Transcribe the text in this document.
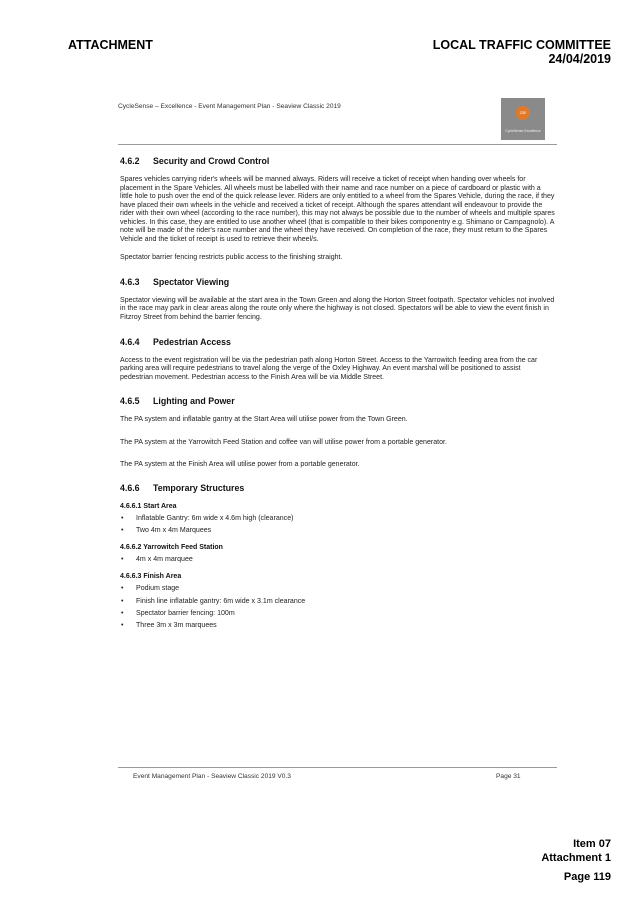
ATTACHMENT	LOCAL TRAFFIC COMMITTEE
24/04/2019
CycleSense – Excellence - Event Management Plan - Seaview Classic 2019
CSE
CycleSense Excellence
4.6.2 Security and Crowd Control

Spares vehicles carrying rider's wheels will be manned always. Riders will receive a ticket of receipt when handing over wheels for placement in the Spare Vehicles. All wheels must be labelled with their name and race number on a piece of cardboard or plastic with a little hole to push over the end of the quick release lever. Riders are only entitled to a wheel from the Spares Vehicle, during the race, if they have placed their own wheels in the vehicle and received a ticket of receipt. Although the spares attendant will endeavour to provide the rider with their own wheel (according to the race number), this may not always be possible due to the number of wheels and multiple spares vehicles. In this case, they are entitled to use another wheel (that is compatible to their bikes componentry e.g. Shimano or Campagnolo). A note will be made of the rider's race number and the wheel they have received. On completion of the race, they must return to the Spares Vehicle and the ticket of receipt is used to retrieve their wheel/s.

Spectator barrier fencing restricts public access to the finishing straight.

4.6.3 Spectator Viewing

Spectator viewing will be available at the start area in the Town Green and along the Horton Street footpath. Spectator vehicles not involved in the race may park in clear areas along the route only where the highway is not closed. Spectators will be able to view the event finish in Fitzroy Street from behind the barrier fencing.

4.6.4 Pedestrian Access

Access to the event registration will be via the pedestrian path along Horton Street. Access to the Yarrowitch feeding area from the car parking area will require pedestrians to travel along the verge of the Oxley Highway. An event marshal will be positioned to assist pedestrian movement. Pedestrian access to the Finish Area will be via Middle Street.

4.6.5 Lighting and Power

The PA system and inflatable gantry at the Start Area will utilise power from the Town Green.

The PA system at the Yarrowitch Feed Station and coffee van will utilise power from a portable generator.

The PA system at the Finish Area will utilise power from a portable generator.

4.6.6 Temporary Structures
4.6.6.1 Start Area
• Inflatable Gantry: 6m wide x 4.6m high (clearance)
• Two 4m x 4m Marquees
4.6.6.2 Yarrowitch Feed Station
• 4m x 4m marquee
4.6.6.3 Finish Area
• Podium stage
• Finish line inflatable gantry: 6m wide x 3.1m clearance
• Spectator barrier fencing: 100m
• Three 3m x 3m marquees
Event Management Plan - Seaview Classic 2019 V0.3	Page 31
Item 07
Attachment 1
Page 119
